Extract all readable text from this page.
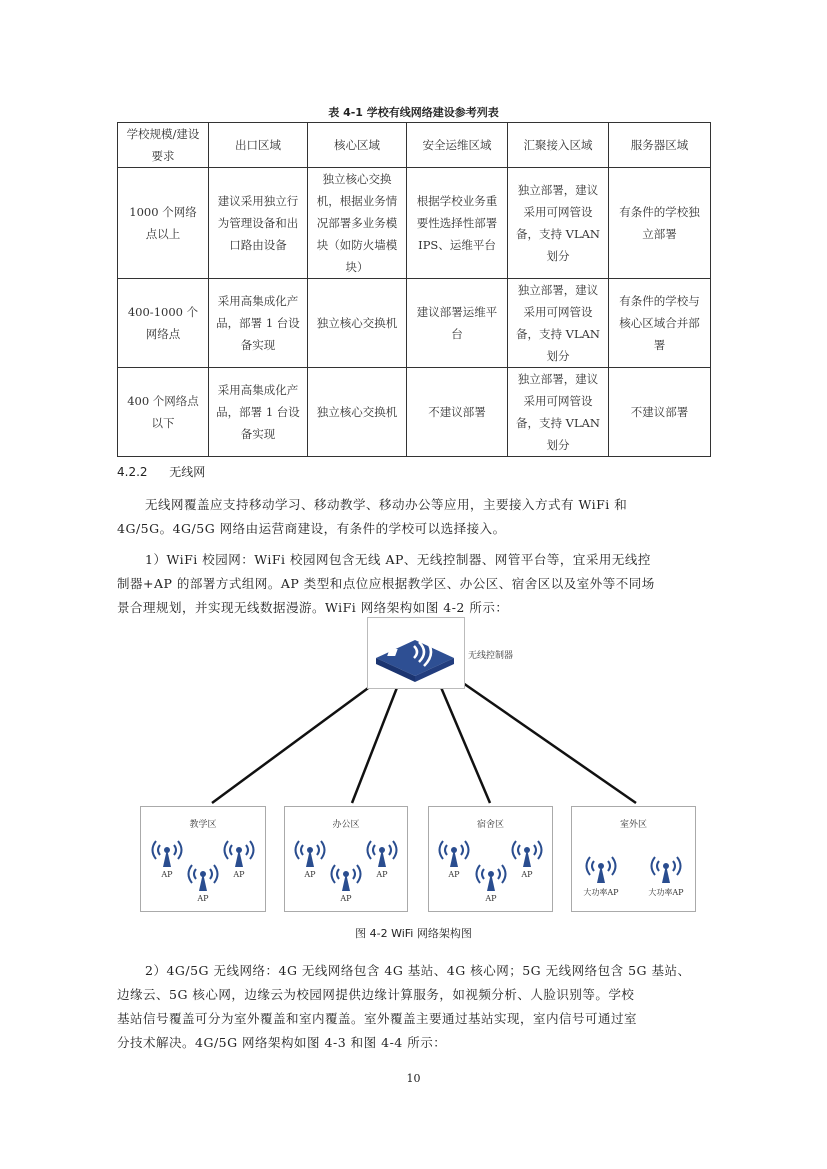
表 4-1 学校有线网络建设参考列表
学校规模/建设要求	出口区域	核心区域	安全运维区域	汇聚接入区域	服务器区域
1000 个网络点以上	建议采用独立行为管理设备和出口路由设备	独立核心交换机，根据业务情况部署多业务模块（如防火墙模块）	根据学校业务重要性选择性部署 IPS、运维平台	独立部署，建议采用可网管设备，支持 VLAN 划分	有条件的学校独立部署
400-1000 个网络点	采用高集成化产品，部署 1 台设备实现	独立核心交换机	建议部署运维平台	独立部署，建议采用可网管设备，支持 VLAN 划分	有条件的学校与核心区域合并部署
400 个网络点以下	采用高集成化产品，部署 1 台设备实现	独立核心交换机	不建议部署	独立部署，建议采用可网管设备，支持 VLAN 划分	不建议部署
4.2.2 无线网
无线网覆盖应支持移动学习、移动教学、移动办公等应用，主要接入方式有 WiFi 和
4G/5G。4G/5G 网络由运营商建设，有条件的学校可以选择接入。
1）WiFi 校园网：WiFi 校园网包含无线 AP、无线控制器、网管平台等，宜采用无线控
制器+AP 的部署方式组网。AP 类型和点位应根据教学区、办公区、宿舍区以及室外等不同场
景合理规划，并实现无线数据漫游。WiFi 网络架构如图 4-2 所示：
无线控制器
教学区
AP	AP
AP
办公区
AP	AP
AP
宿舍区
AP	AP
AP
室外区
大功率AP	大功率AP
图 4-2 WiFi 网络架构图
2）4G/5G 无线网络：4G 无线网络包含 4G 基站、4G 核心网；5G 无线网络包含 5G 基站、
边缘云、5G 核心网，边缘云为校园网提供边缘计算服务，如视频分析、人脸识别等。学校
基站信号覆盖可分为室外覆盖和室内覆盖。室外覆盖主要通过基站实现，室内信号可通过室
分技术解决。4G/5G 网络架构如图 4-3 和图 4-4 所示：
10
